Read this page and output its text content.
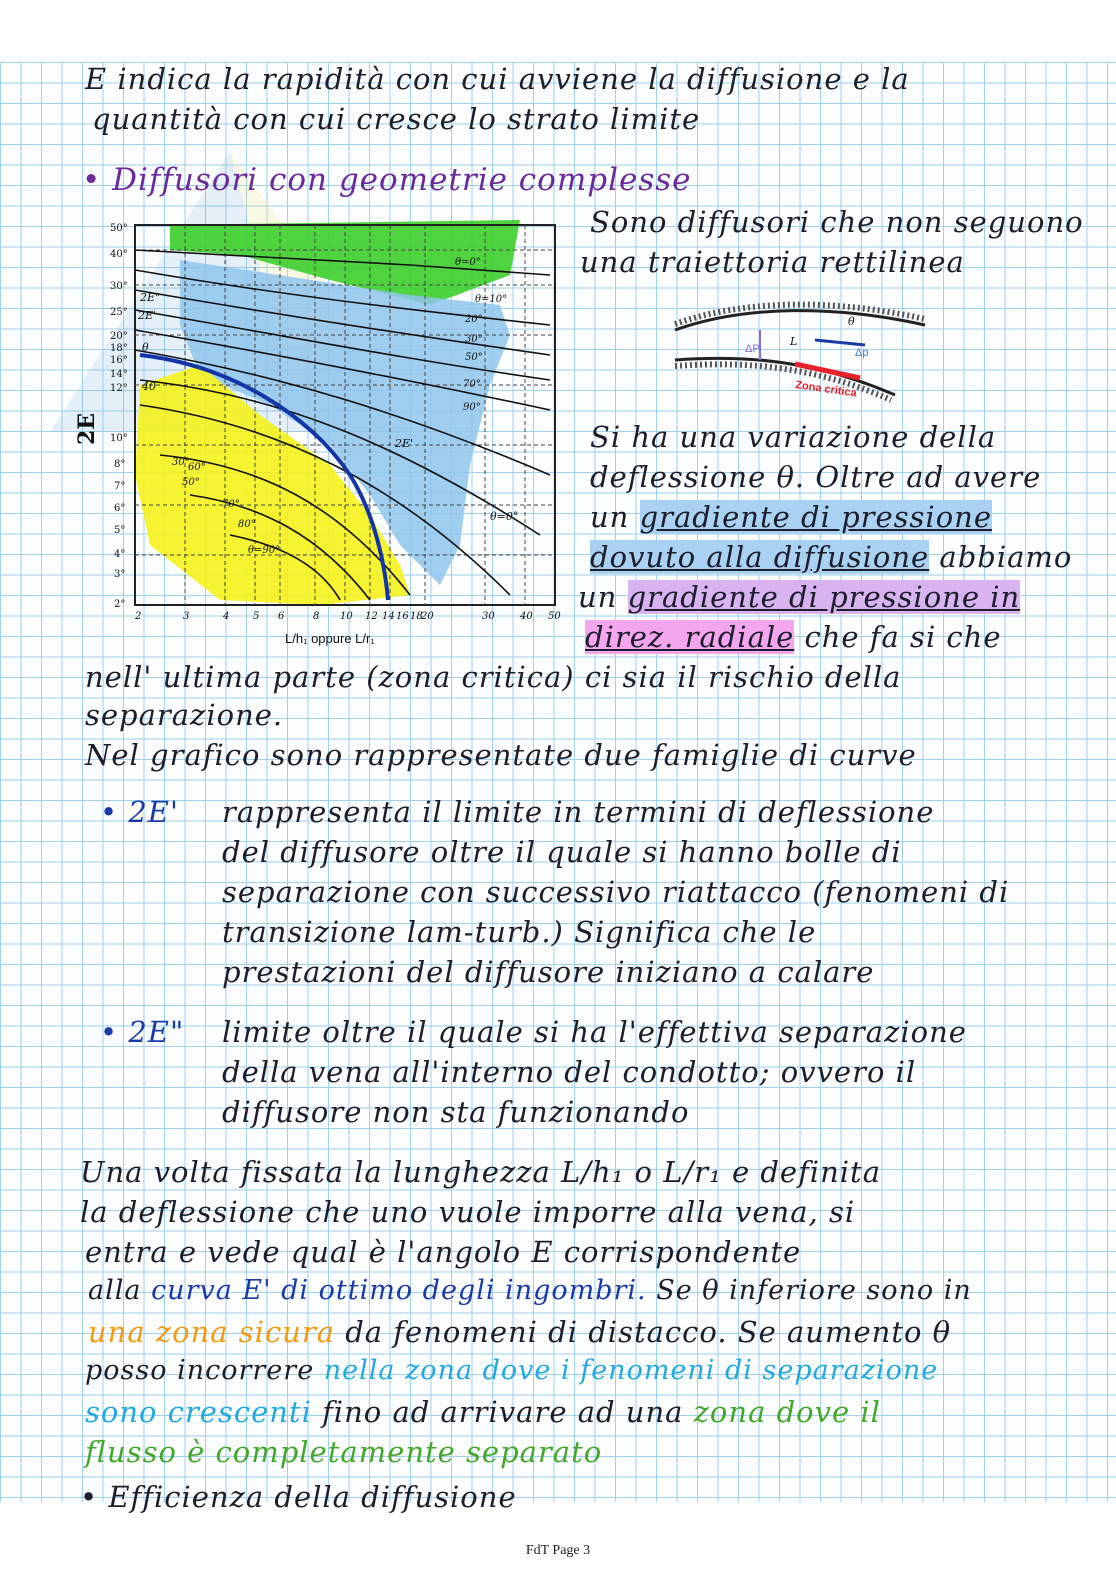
E indica la rapidità con cui avviene la diffusione e la
quantità con cui cresce lo strato limite
• Diffusori con geometrie complesse
Sono diffusori che non seguono
una traiettoria rettilinea
Si ha una variazione della
deflessione θ. Oltre ad avere
un gradiente di pressione
dovuto alla diffusione abbiamo
un gradiente di pressione in
direz. radiale che fa si che
nell' ultima parte (zona critica) ci sia il rischio della
separazione.
Nel grafico sono rappresentate due famiglie di curve
• 2E' rappresenta il limite in termini di deflessione
del diffusore oltre il quale si hanno bolle di
separazione con successivo riattacco (fenomeni di
transizione lam-turb.) Significa che le
prestazioni del diffusore iniziano a calare
• 2E" limite oltre il quale si ha l'effettiva separazione
della vena all'interno del condotto; ovvero il
diffusore non sta funzionando
Una volta fissata la lunghezza L/h₁ o L/r₁ e definita
la deflessione che uno vuole imporre alla vena, si
entra e vede qual è l'angolo E corrispondente
alla curva E' di ottimo degli ingombri. Se θ inferiore sono in
una zona sicura da fenomeni di distacco. Se aumento θ
posso incorrere nella zona dove i fenomeni di separazione
sono crescenti fino ad arrivare ad una zona dove il
flusso è completamente separato
• Efficienza della diffusione
50°
40°
30°
25°
20°
18°
16°
14°
12°
10°
8°
7°
6°
5°
4°
3°
2°
2E
2	3	4 5 6	8 10 12 14 16 18
20	30	40 50
L/h₁ oppure L/r₁
θ=0°
θ=10°
20°
30°
50°
70°
90°
30°
50°
60°
70°
80°
θ=90°
2E"
2E'
θ
40
2E'
θ=0°
Zona critica
ΔP	Δp
L
θ
FdT Page 3
